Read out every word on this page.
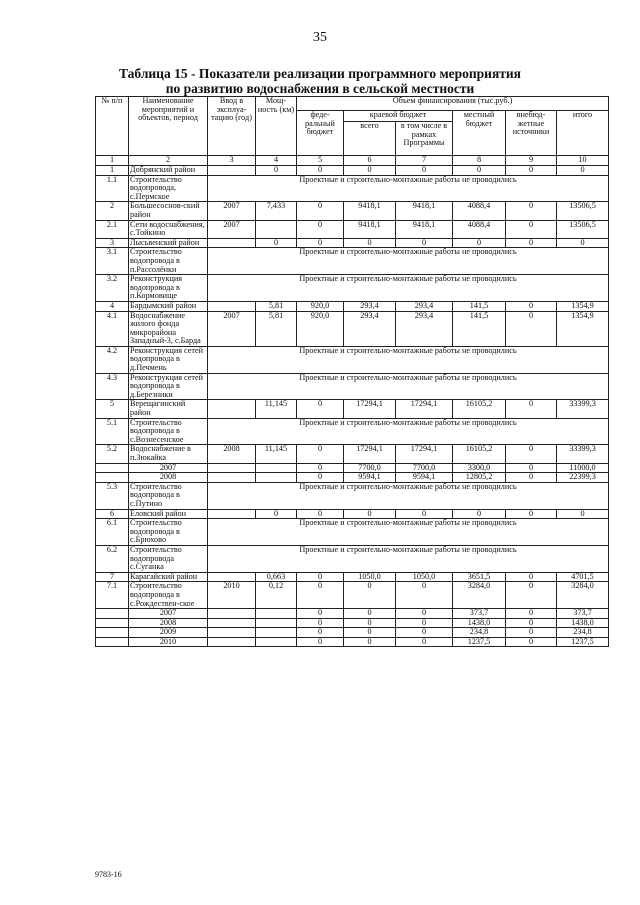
35
Таблица 15 - Показатели реализации программного мероприятия
по развитию водоснабжения в сельской местности
№ п/п	Наименование мероприятий и объектов, период	Ввод в эксплуа-тацию (год)	Мощ-ность (км)	Объем финансирования (тыс.руб.)					
				феде-ральный бюджет	краевой бюджет		местный бюджет	внебюд-жетные источники	итого
					всего	в том числе в рамках Программы			
1	2	3	4	5	6	7	8	9	10
1	Добрянский район		0	0	0	0	0	0	0
1.1	Строительство водопровода, с.Пермское	Проектные и строительно-монтажные работы не проводились							
2	Большесоснов-ский район	2007	7,433	0	9418,1	9418,1	4088,4	0	13506,5
2.1	Сети водоснабжения, с.Тойкино	2007		0	9418,1	9418,1	4088,4	0	13506,5
3	Лысьвенский район		0	0	0	0	0	0	0
3.1	Строительство водопровода в п.Рассолёнки	Проектные и строительно-монтажные работы не проводились							
3.2	Реконструкция водопровода в п.Кормовище	Проектные и строительно-монтажные работы не проводились							
4	Бардымский район		5,81	920,0	293,4	293,4	141,5	0	1354,9
4.1	Водоснабжение жилого фонда микрорайона Западный-3, с.Барда	2007	5,81	920,0	293,4	293,4	141,5	0	1354,9
4.2	Реконструкция сетей водопровода в д.Печмень	Проектные и строительно-монтажные работы не проводились							
4.3	Реконструкция сетей водопровода в д.Березники	Проектные и строительно-монтажные работы не проводились							
5	Верещагинский район		11,145	0	17294,1	17294,1	16105,2	0	33399,3
5.1	Строительство водопровода в с.Вознесенское	Проектные и строительно-монтажные работы не проводились							
5.2	Водоснабжение в п.Зюкайка	2008	11,145	0	17294,1	17294,1	16105,2	0	33399,3
	2007			0	7700,0	7700,0	3300,0	0	11000,0
	2008			0	9594,1	9594,1	12805,2	0	22399,3
5.3	Строительство водопровода в с.Путино	Проектные и строительно-монтажные работы не проводились							
6	Еловский район		0	0	0	0	0	0	0
6.1	Строительство водопровода в с.Брюхово	Проектные и строительно-монтажные работы не проводились							
6.2	Строительство водопровода с.Суганка	Проектные и строительно-монтажные работы не проводились							
7	Карагайский район		0,663	0	1050,0	1050,0	3651,5	0	4701,5
7.1	Строительство водопровода в с.Рождествен-ское	2010	0,12	0	0	0	3284,0	0	3284,0
	2007			0	0	0	373,7	0	373,7
	2008			0	0	0	1438,0	0	1438,0
	2009			0	0	0	234,8	0	234,8
	2010			0	0	0	1237,5	0	1237,5
9783-16
